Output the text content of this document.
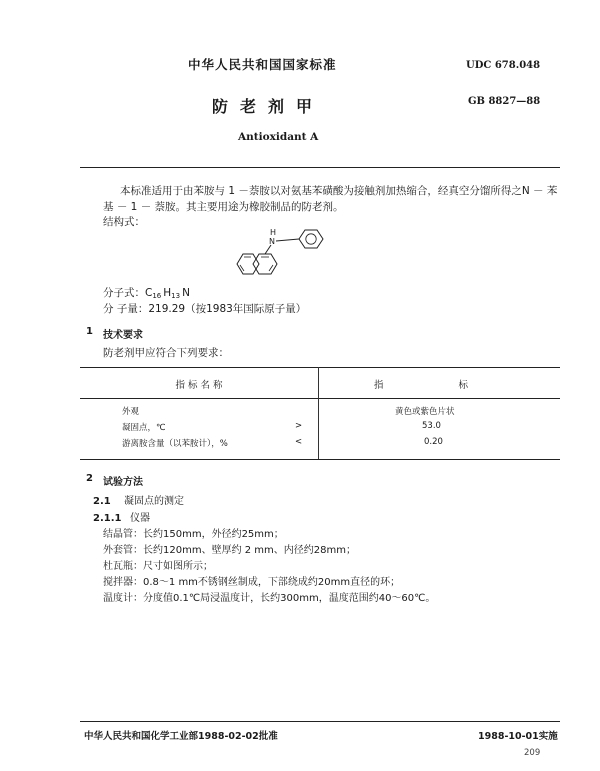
中华人民共和国国家标准	UDC 678.048
GB 8827—88
防老剂甲
Antioxidant A
本标准适用于由苯胺与 1 －萘胺以对氨基苯磺酸为接触剂加热缩合，经真空分馏所得之N － 苯基 － 1 － 萘胺。其主要用途为橡胶制品的防老剂。
结构式：
H
N
分子式：$C_{16}$ $H_{13}$ N
分 子量：219.29（按1983年国际原子量）
1 技术要求
防老剂甲应符合下列要求：
指 标 名 称	指 标
外观	黄色或紫色片状
凝固点，℃	>	53.0
游离胺含量（以苯胺计），%	<	0.20
2 试验方法
2.1 凝固点的测定
2.1.1 仪器
结晶管：长约150mm，外径约25mm；
外套管：长约120mm、壁厚约 2 mm、内径约28mm；
杜瓦瓶：尺寸如图所示；
搅拌器：0.8～1 mm不锈钢丝制成，下部绕成约20mm直径的环；
温度计：分度值0.1℃局浸温度计，长约300mm，温度范围约40～60℃。
中华人民共和国化学工业部1988-02-02批准	1988-10-01实施
209
